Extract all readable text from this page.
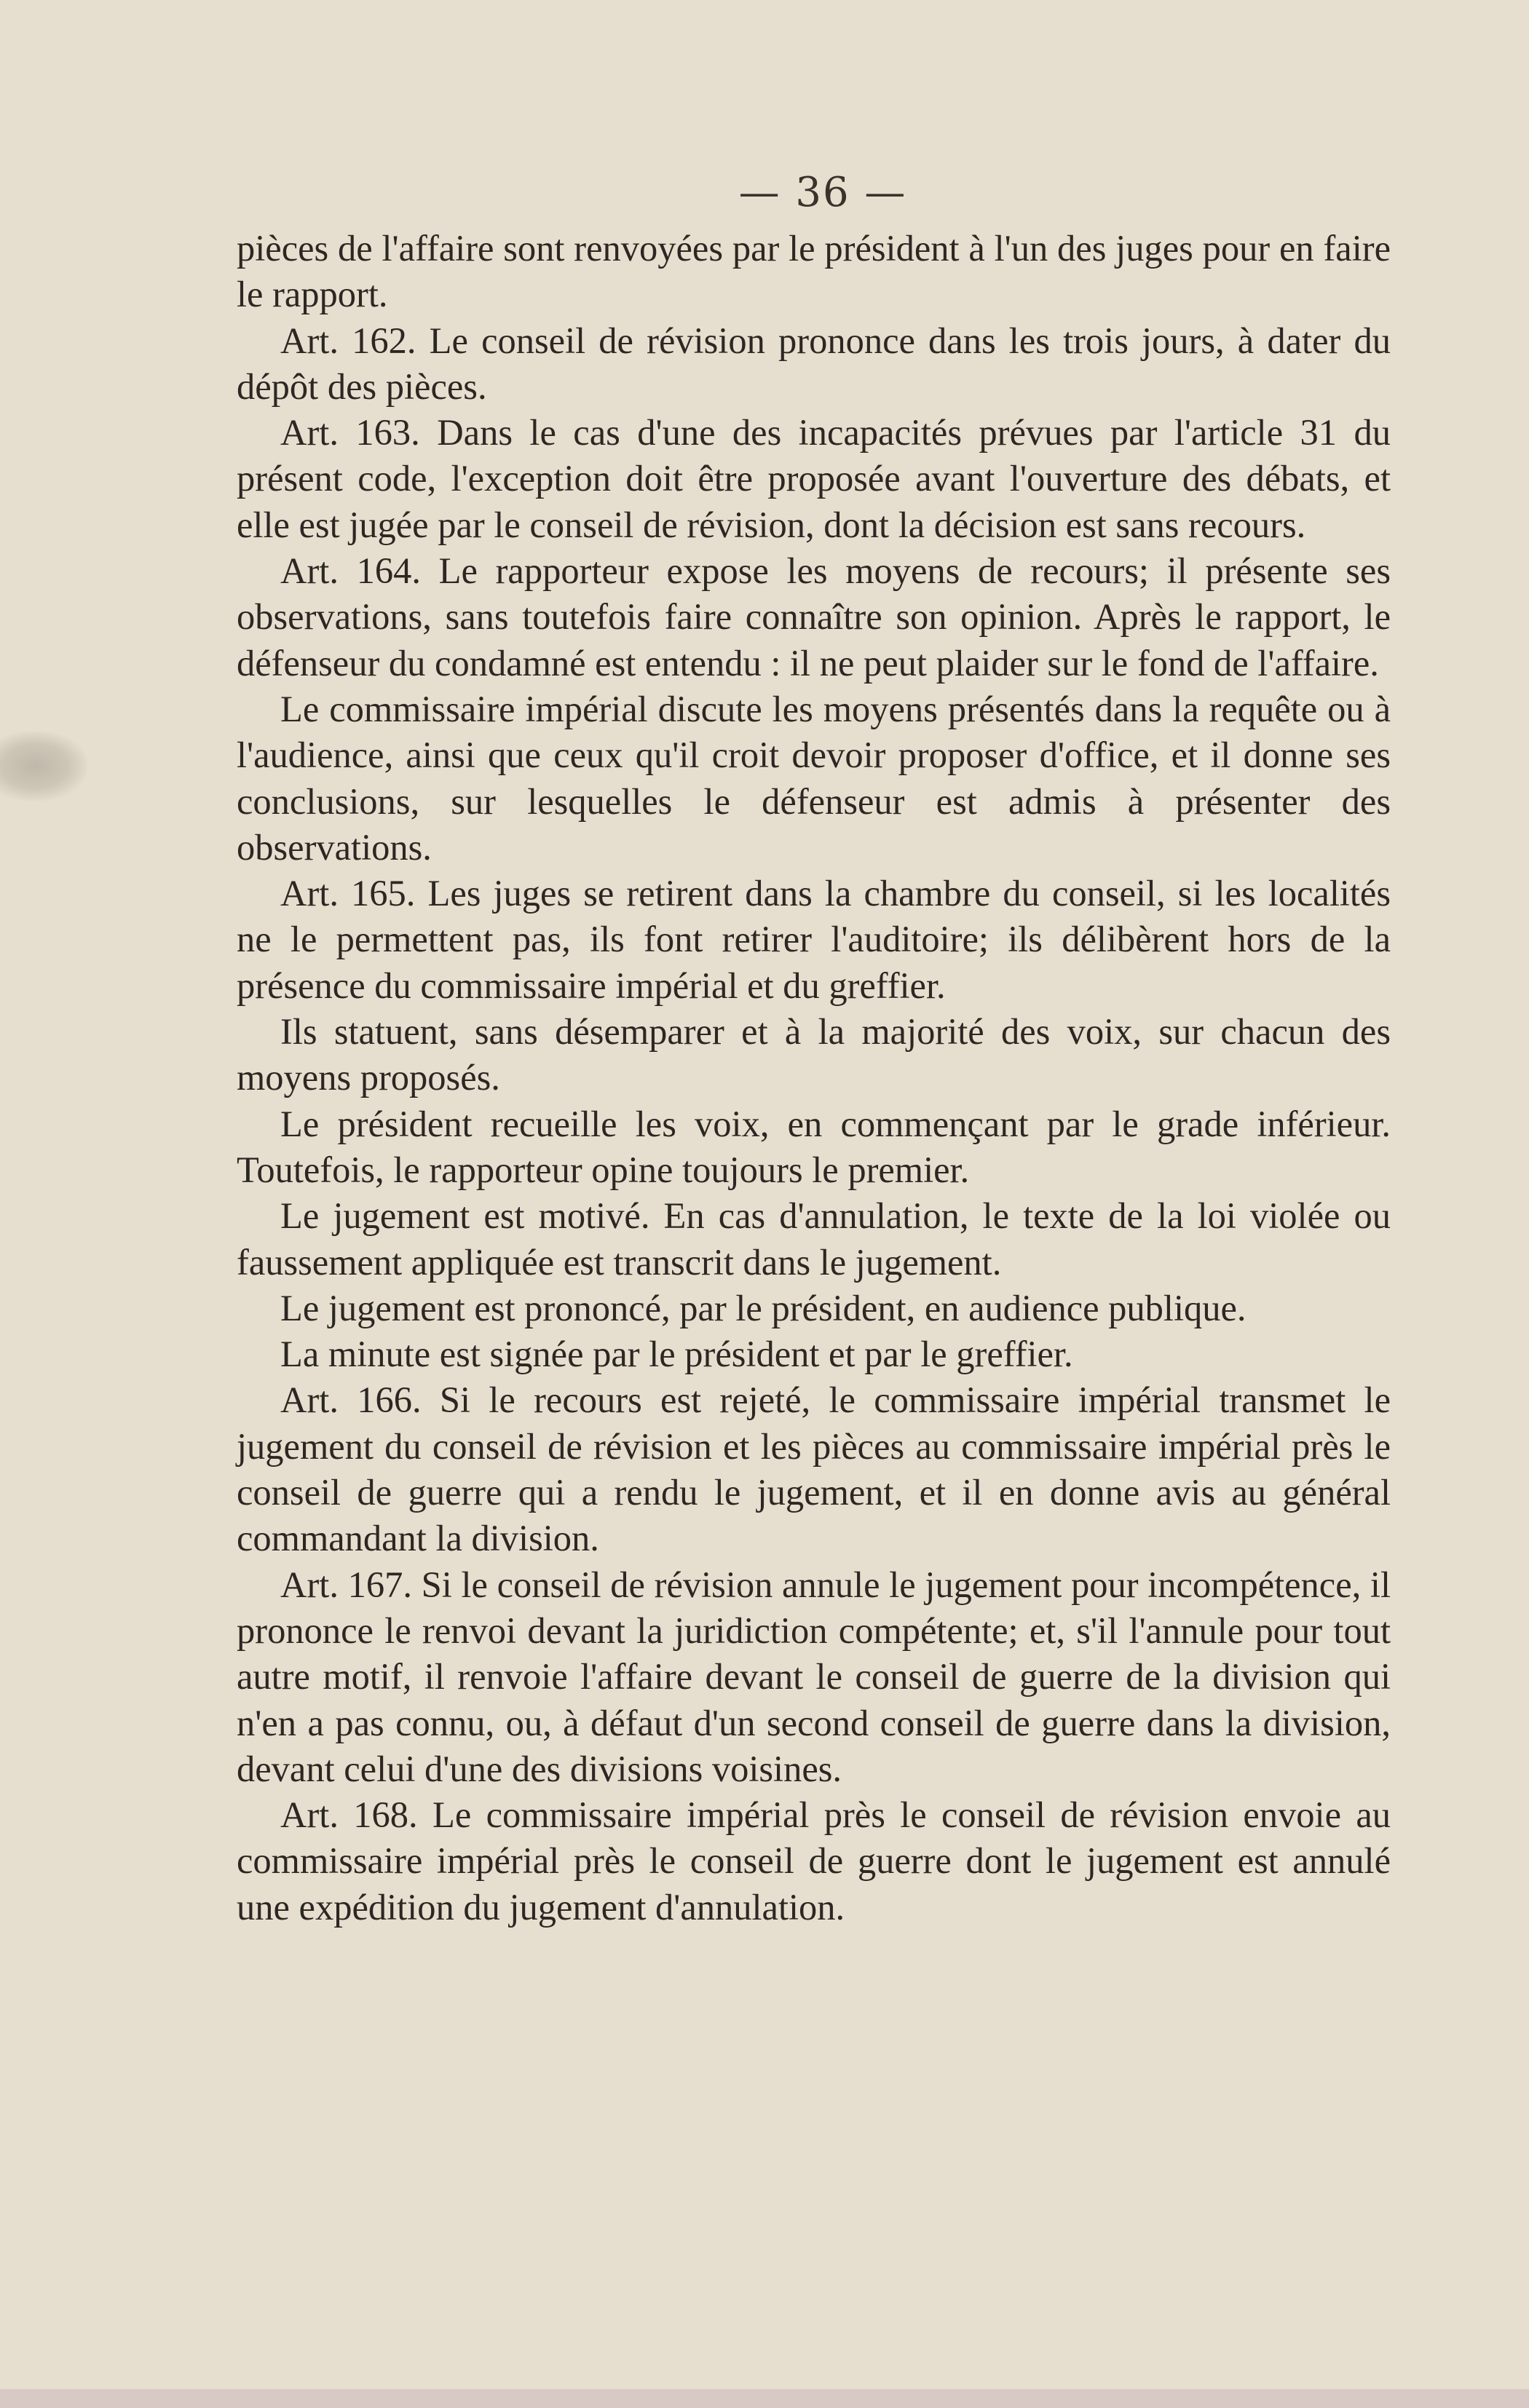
— 36 —

pièces de l'affaire sont renvoyées par le président à l'un des juges pour en faire le rapport.

Art. 162. Le conseil de révision prononce dans les trois jours, à dater du dépôt des pièces.

Art. 163. Dans le cas d'une des incapacités prévues par l'article 31 du présent code, l'exception doit être proposée avant l'ouverture des débats, et elle est jugée par le conseil de révision, dont la décision est sans recours.

Art. 164. Le rapporteur expose les moyens de recours; il présente ses observations, sans toutefois faire connaître son opinion. Après le rapport, le défenseur du condamné est entendu : il ne peut plaider sur le fond de l'affaire.

Le commissaire impérial discute les moyens présentés dans la requête ou à l'audience, ainsi que ceux qu'il croit devoir proposer d'office, et il donne ses conclusions, sur lesquelles le défenseur est admis à présenter des observations.

Art. 165. Les juges se retirent dans la chambre du conseil, si les localités ne le permettent pas, ils font retirer l'auditoire; ils délibèrent hors de la présence du commissaire impérial et du greffier.

Ils statuent, sans désemparer et à la majorité des voix, sur chacun des moyens proposés.

Le président recueille les voix, en commençant par le grade inférieur. Toutefois, le rapporteur opine toujours le premier.

Le jugement est motivé. En cas d'annulation, le texte de la loi violée ou faussement appliquée est transcrit dans le jugement.

Le jugement est prononcé, par le président, en audience publique.

La minute est signée par le président et par le greffier.

Art. 166. Si le recours est rejeté, le commissaire impérial transmet le jugement du conseil de révision et les pièces au commissaire impérial près le conseil de guerre qui a rendu le jugement, et il en donne avis au général commandant la division.

Art. 167. Si le conseil de révision annule le jugement pour incompétence, il prononce le renvoi devant la juridiction compétente; et, s'il l'annule pour tout autre motif, il renvoie l'affaire devant le conseil de guerre de la division qui n'en a pas connu, ou, à défaut d'un second conseil de guerre dans la division, devant celui d'une des divisions voisines.

Art. 168. Le commissaire impérial près le conseil de révision envoie au commissaire impérial près le conseil de guerre dont le jugement est annulé une expédition du jugement d'annulation.
